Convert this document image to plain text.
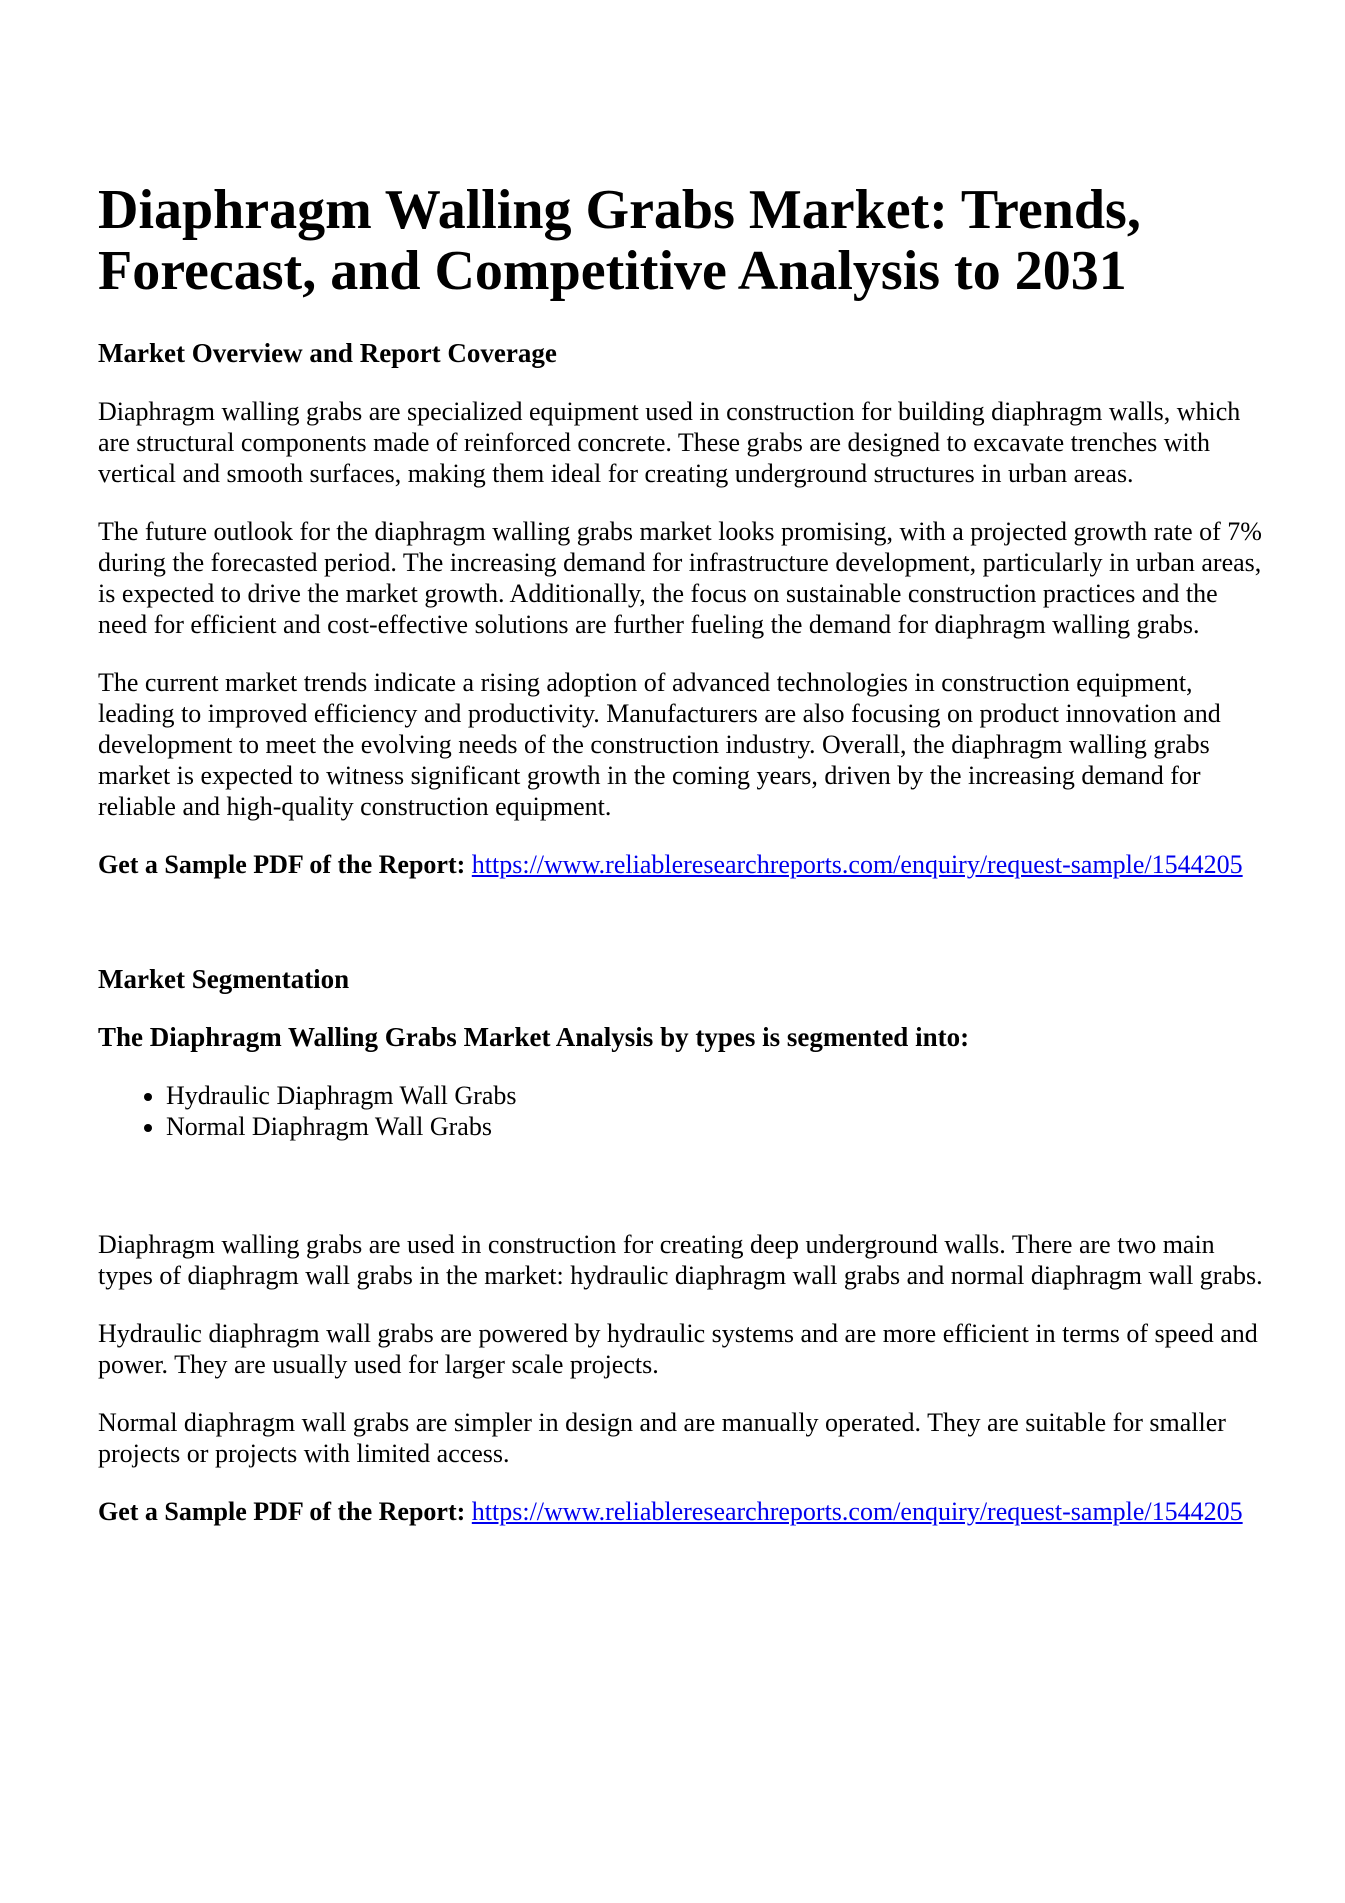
Diaphragm Walling Grabs Market: Trends, Forecast, and Competitive Analysis to 2031
Market Overview and Report Coverage

Diaphragm walling grabs are specialized equipment used in construction for building diaphragm walls, which are structural components made of reinforced concrete. These grabs are designed to excavate trenches with vertical and smooth surfaces, making them ideal for creating underground structures in urban areas.

The future outlook for the diaphragm walling grabs market looks promising, with a projected growth rate of 7% during the forecasted period. The increasing demand for infrastructure development, particularly in urban areas, is expected to drive the market growth. Additionally, the focus on sustainable construction practices and the need for efficient and cost-effective solutions are further fueling the demand for diaphragm walling grabs.

The current market trends indicate a rising adoption of advanced technologies in construction equipment, leading to improved efficiency and productivity. Manufacturers are also focusing on product innovation and development to meet the evolving needs of the construction industry. Overall, the diaphragm walling grabs market is expected to witness significant growth in the coming years, driven by the increasing demand for reliable and high-quality construction equipment.

Get a Sample PDF of the Report: https://www.reliableresearchreports.com/enquiry/request-sample/1544205

Market Segmentation
The Diaphragm Walling Grabs Market Analysis by types is segmented into:
• Hydraulic Diaphragm Wall Grabs
• Normal Diaphragm Wall Grabs

Diaphragm walling grabs are used in construction for creating deep underground walls. There are two main types of diaphragm wall grabs in the market: hydraulic diaphragm wall grabs and normal diaphragm wall grabs.

Hydraulic diaphragm wall grabs are powered by hydraulic systems and are more efficient in terms of speed and power. They are usually used for larger scale projects.

Normal diaphragm wall grabs are simpler in design and are manually operated. They are suitable for smaller projects or projects with limited access.

Get a Sample PDF of the Report: https://www.reliableresearchreports.com/enquiry/request-sample/1544205
